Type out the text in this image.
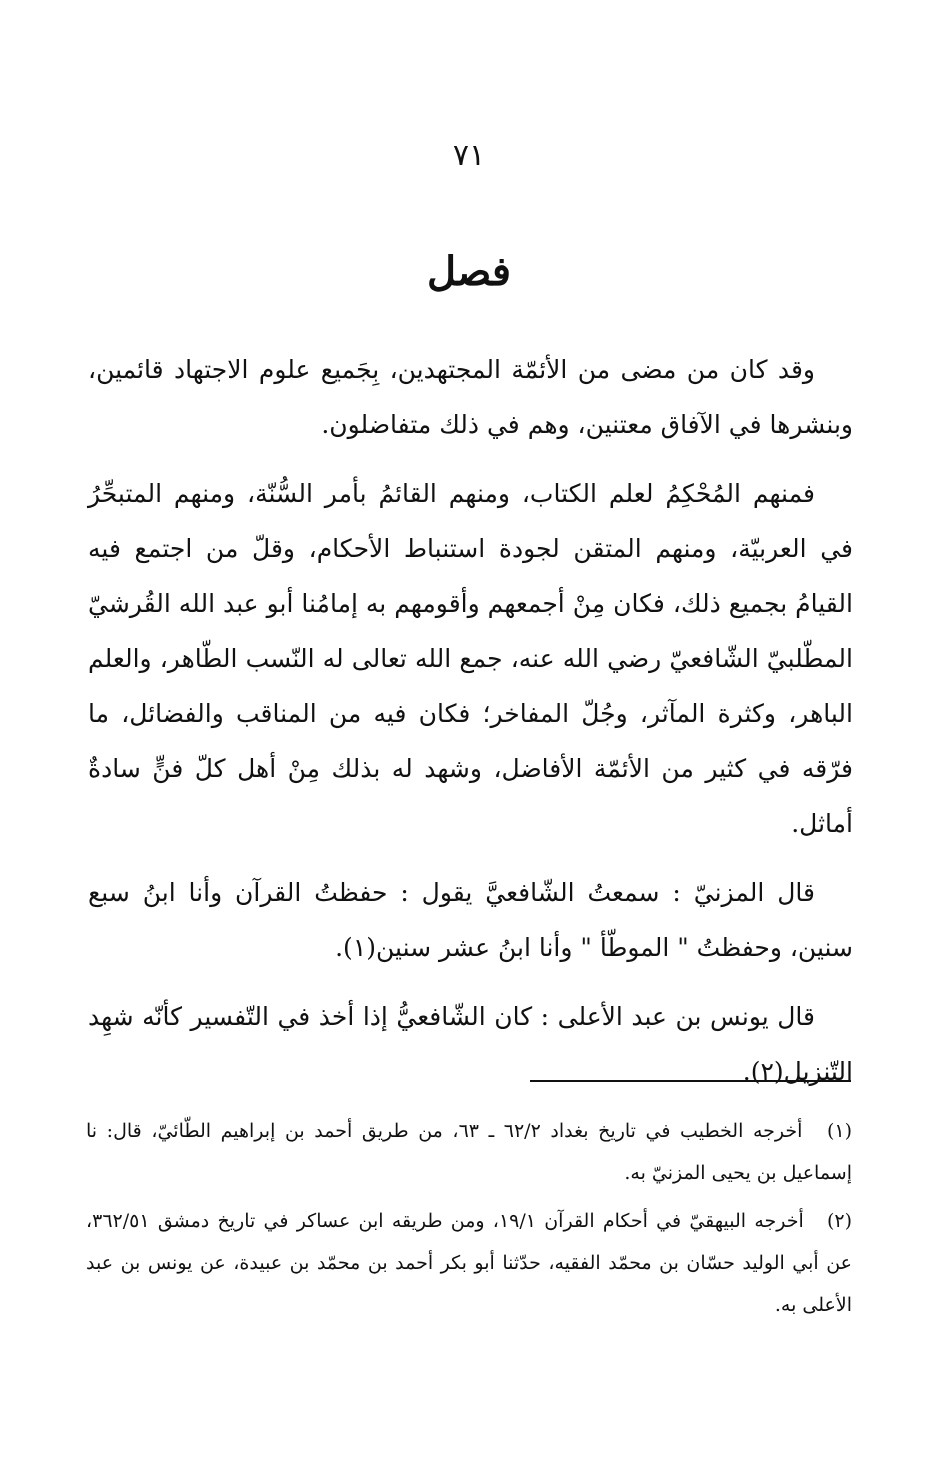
٧١
فصل

وقد كان من مضى من الأئمّة المجتهدين، بِجَميع علوم الاجتهاد قائمين، وبنشرها في الآفاق معتنين، وهم في ذلك متفاضلون.

فمنهم المُحْكِمُ لعلم الكتاب، ومنهم القائمُ بأمر السُّنّة، ومنهم المتبحِّرُ في العربيّة، ومنهم المتقن لجودة استنباط الأحكام، وقلّ من اجتمع فيه القيامُ بجميع ذلك، فكان مِنْ أجمعهم وأقومهم به إمامُنا أبو عبد الله القُرشيّ المطّلبيّ الشّافعيّ رضي الله عنه، جمع الله تعالى له النّسب الطّاهر، والعلم الباهر، وكثرة المآثر، وجُلّ المفاخر؛ فكان فيه من المناقب والفضائل، ما فرّقه في كثير من الأئمّة الأفاضل، وشهد له بذلك مِنْ أهل كلّ فنٍّ سادةٌ أماثل.

قال المزنيّ : سمعتُ الشّافعيَّ يقول : حفظتُ القرآن وأنا ابنُ سبع سنين، وحفظتُ " الموطّأ " وأنا ابنُ عشر سنين(١).

قال يونس بن عبد الأعلى : كان الشّافعيُّ إذا أخذ في التّفسير كأنّه شهِد التّنزيل(٢).

(١) أخرجه الخطيب في تاريخ بغداد ٦٢/٢ ـ ٦٣، من طريق أحمد بن إبراهيم الطّائيّ، قال: نا إسماعيل بن يحيى المزنيّ به.

(٢) أخرجه البيهقيّ في أحكام القرآن ١٩/١، ومن طريقه ابن عساكر في تاريخ دمشق ٣٦٢/٥١، عن أبي الوليد حسّان بن محمّد الفقيه، حدّثنا أبو بكر أحمد بن محمّد بن عبيدة، عن يونس بن عبد الأعلى به.
